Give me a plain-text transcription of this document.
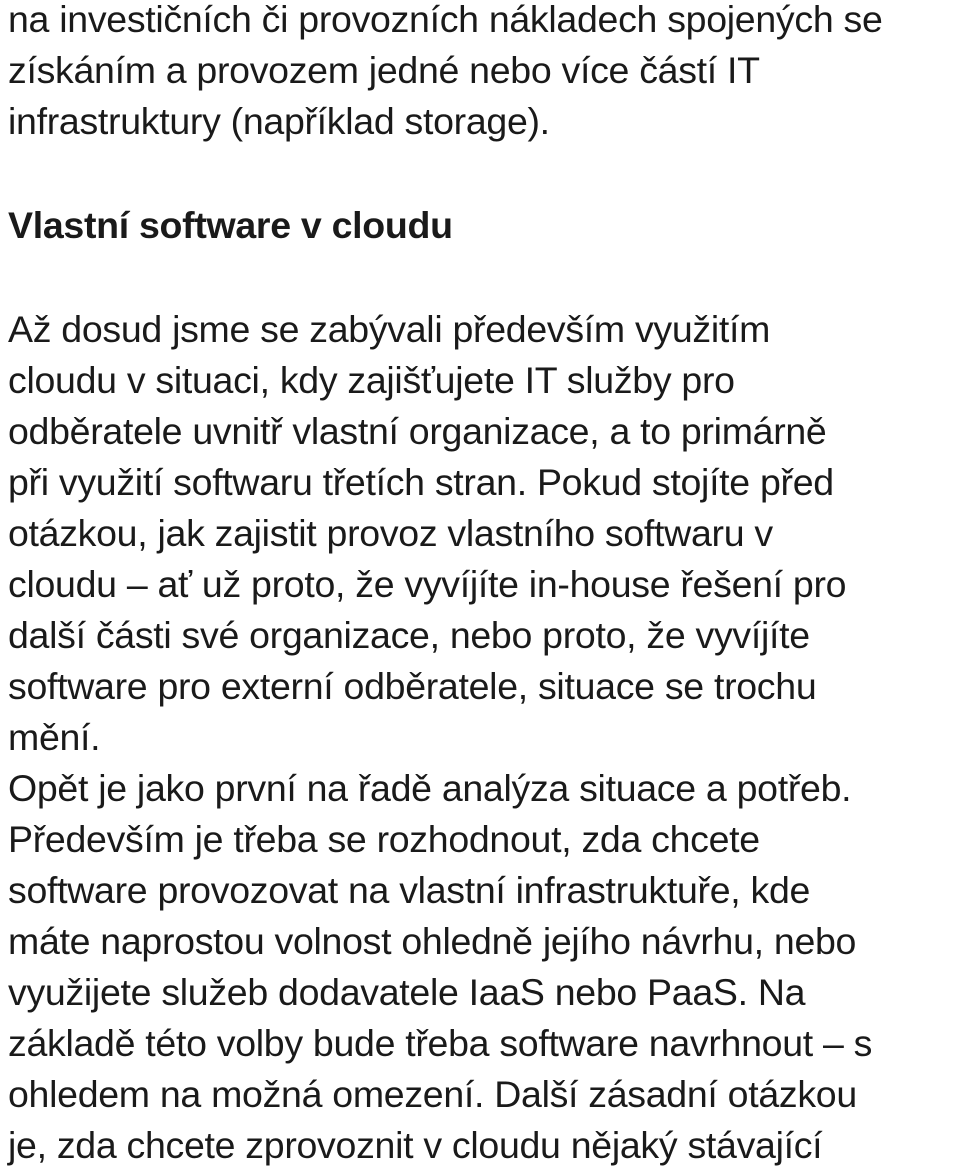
na investičních či provozních nákladech spojených se

získáním a provozem jedné nebo více částí IT

infrastruktury (například storage).

Vlastní software v cloudu

Až dosud jsme se zabývali především využitím

cloudu v situaci, kdy zajišťujete IT služby pro

odběratele uvnitř vlastní organizace, a to primárně

při využití softwaru třetích stran. Pokud stojíte před

otázkou, jak zajistit provoz vlastního softwaru v

cloudu – ať už proto, že vyvíjíte in-house řešení pro

další části své organizace, nebo proto, že vyvíjíte

software pro externí odběratele, situace se trochu

mění.

Opět je jako první na řadě analýza situace a potřeb.

Především je třeba se rozhodnout, zda chcete

software provozovat na vlastní infrastruktuře, kde

máte naprostou volnost ohledně jejího návrhu, nebo

využijete služeb dodavatele IaaS nebo PaaS. Na

základě této volby bude třeba software navrhnout – s

ohledem na možná omezení. Další zásadní otázkou

je, zda chcete zprovoznit v cloudu nějaký stávající
